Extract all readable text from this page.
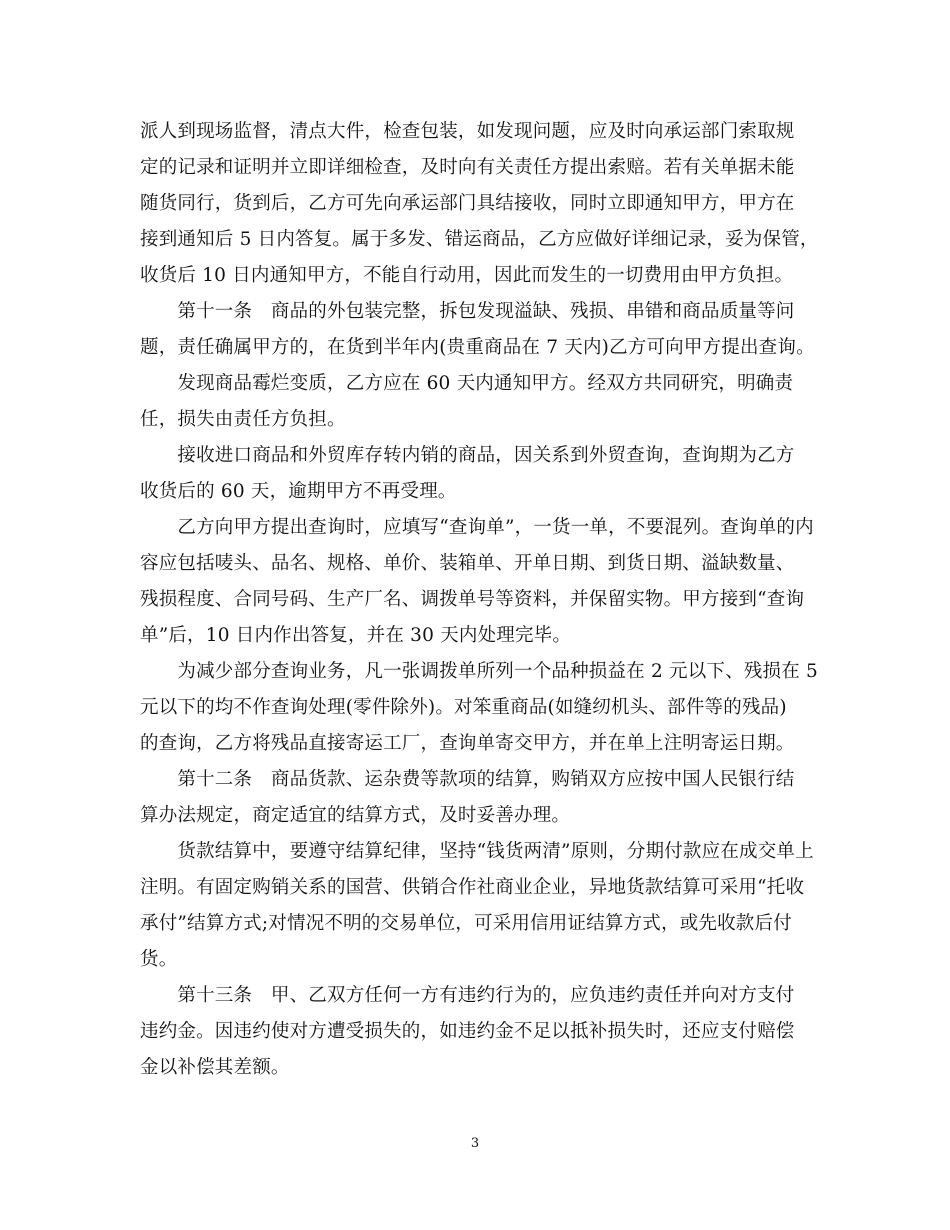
派人到现场监督，清点大件，检查包装，如发现问题，应及时向承运部门索取规
定的记录和证明并立即详细检查，及时向有关责任方提出索赔。若有关单据未能
随货同行，货到后，乙方可先向承运部门具结接收，同时立即通知甲方，甲方在
接到通知后 5 日内答复。属于多发、错运商品，乙方应做好详细记录，妥为保管，
收货后 10 日内通知甲方，不能自行动用，因此而发生的一切费用由甲方负担。
　　第十一条　商品的外包装完整，拆包发现溢缺、残损、串错和商品质量等问
题，责任确属甲方的，在货到半年内(贵重商品在 7 天内)乙方可向甲方提出查询。
　　发现商品霉烂变质，乙方应在 60 天内通知甲方。经双方共同研究，明确责
任，损失由责任方负担。
　　接收进口商品和外贸库存转内销的商品，因关系到外贸查询，查询期为乙方
收货后的 60 天，逾期甲方不再受理。
　　乙方向甲方提出查询时，应填写“查询单”，一货一单，不要混列。查询单的内
容应包括唛头、品名、规格、单价、装箱单、开单日期、到货日期、溢缺数量、
残损程度、合同号码、生产厂名、调拨单号等资料，并保留实物。甲方接到“查询
单”后，10 日内作出答复，并在 30 天内处理完毕。
　　为减少部分查询业务，凡一张调拨单所列一个品种损益在 2 元以下、残损在 5
元以下的均不作查询处理(零件除外)。对笨重商品(如缝纫机头、部件等的残品)
的查询，乙方将残品直接寄运工厂，查询单寄交甲方，并在单上注明寄运日期。
　　第十二条　商品货款、运杂费等款项的结算，购销双方应按中国人民银行结
算办法规定，商定适宜的结算方式，及时妥善办理。
　　货款结算中，要遵守结算纪律，坚持“钱货两清”原则，分期付款应在成交单上
注明。有固定购销关系的国营、供销合作社商业企业，异地货款结算可采用“托收
承付”结算方式;对情况不明的交易单位，可采用信用证结算方式，或先收款后付
货。
　　第十三条　甲、乙双方任何一方有违约行为的，应负违约责任并向对方支付
违约金。因违约使对方遭受损失的，如违约金不足以抵补损失时，还应支付赔偿
金以补偿其差额。
3
